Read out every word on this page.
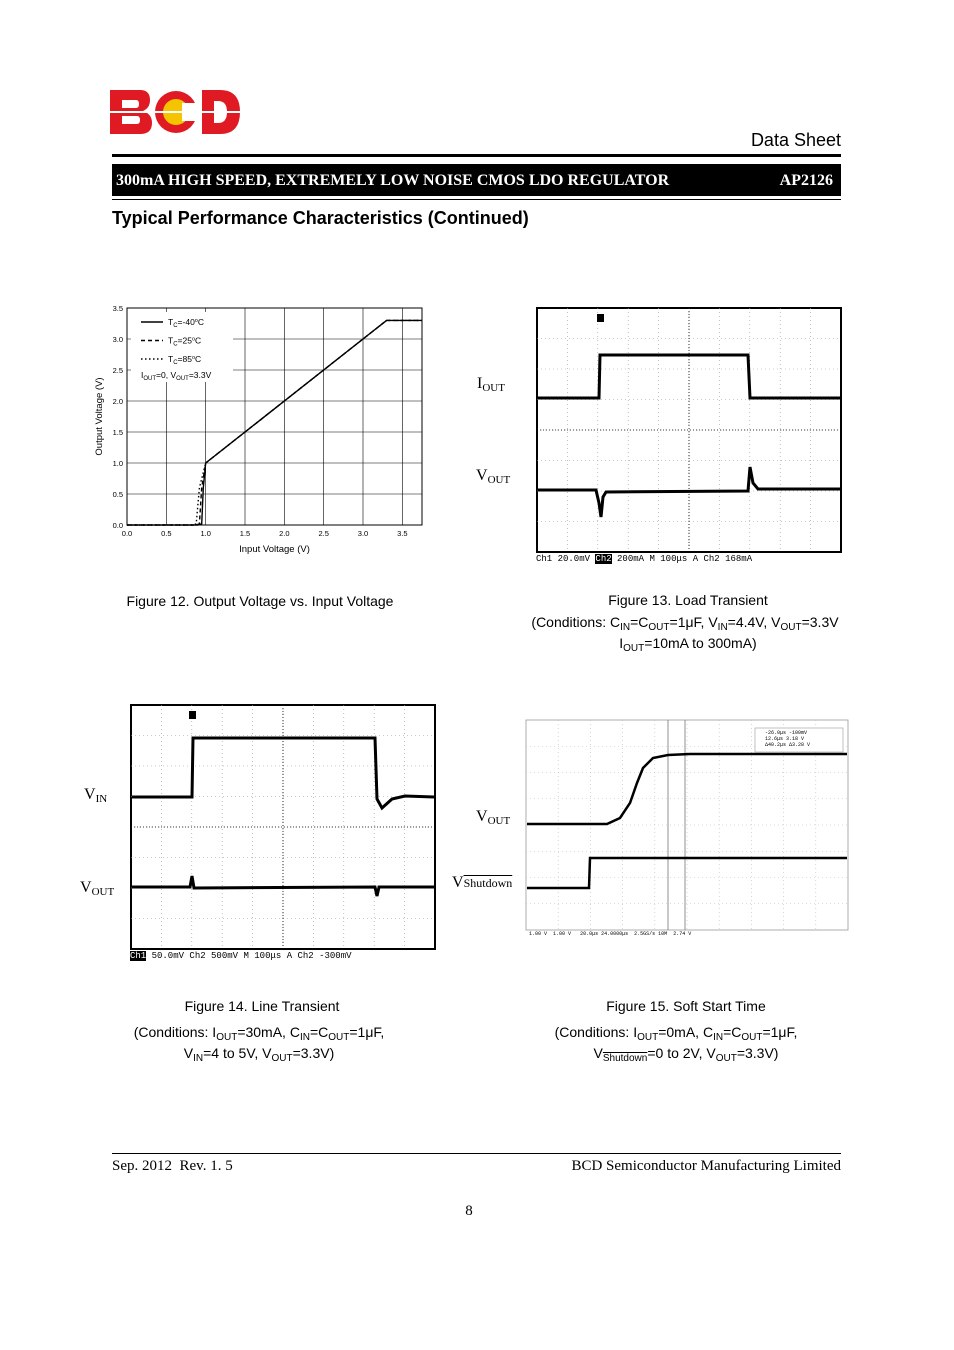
Data Sheet
300mA HIGH SPEED, EXTREMELY LOW NOISE CMOS LDO REGULATOR	AP2126
Typical Performance Characteristics (Continued)
0.0	0.5	1.0	1.5	2.0	2.5	3.0	3.5
0.0
0.5
1.0
1.5
2.0
2.5
3.0
3.5
Input Voltage (V)
Output Voltage (V)
$T_C=-40^oC$
$T_C=25^oC$
$T_C=85^oC$
$I_{OUT}=0$, $V_{OUT}=3.3V$
Figure 12. Output Voltage vs. Input Voltage
$I_{OUT}$
$V_{OUT}$
Ch1 20.0mV Ch2 200mA M 100μs A Ch2 168mA
Figure 13. Load Transient
(Conditions: $C_{IN}=C_{OUT}=1\mu F$, $V_{IN}=4.4V$, $V_{OUT}=3.3V$
$I_{OUT}=10mA$ to 300mA)
$V_{IN}$
$V_{OUT}$
Ch1 50.0mV Ch2 500mV M 100μs A Ch2 -300mV
Figure 14. Line Transient
(Conditions: $I_{OUT}=30mA$, $C_{IN}=C_{OUT}=1\mu F$,
$V_{IN}=4$ to 5V, $V_{OUT}=3.3V$)
$V_{OUT}$
VShutdown
-26.0μs -100mV
12.6μs 3.18 V
Δ40.2μs Δ3.28 V
1.00 V 1.00 V 20.0μs 24.0000μs 2.5GS/s 10M 2.74 V
Figure 15. Soft Start Time
(Conditions: $I_{OUT}=0mA$, $C_{IN}=C_{OUT}=1\mu F$,
$V_{Shutdown}=0$ to 2V, $V_{OUT}=3.3V$)
Sep. 2012  Rev. 1. 5	BCD Semiconductor Manufacturing Limited
8
